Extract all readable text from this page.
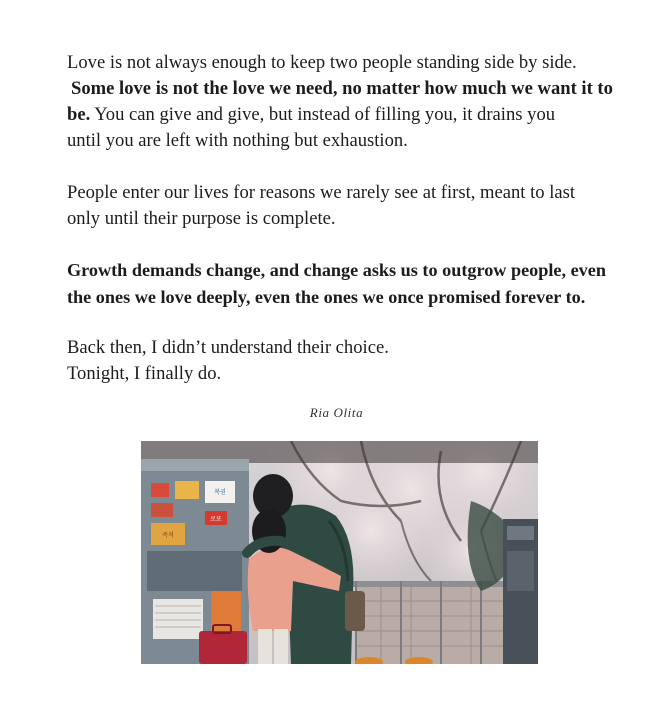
Love is not always enough to keep two people standing side by side.
Some love is not the love we need, no matter how much we want it to
be. You can give and give, but instead of filling you, it drains you
until you are left with nothing but exhaustion.
People enter our lives for reasons we rarely see at first, meant to last
only until their purpose is complete.
Growth demands change, and change asks us to outgrow people, even
the ones we love deeply, even the ones we once promised forever to.
Back then, I didn’t understand their choice.
Tonight, I finally do.
Ria Olita
복권
로또
즉석
